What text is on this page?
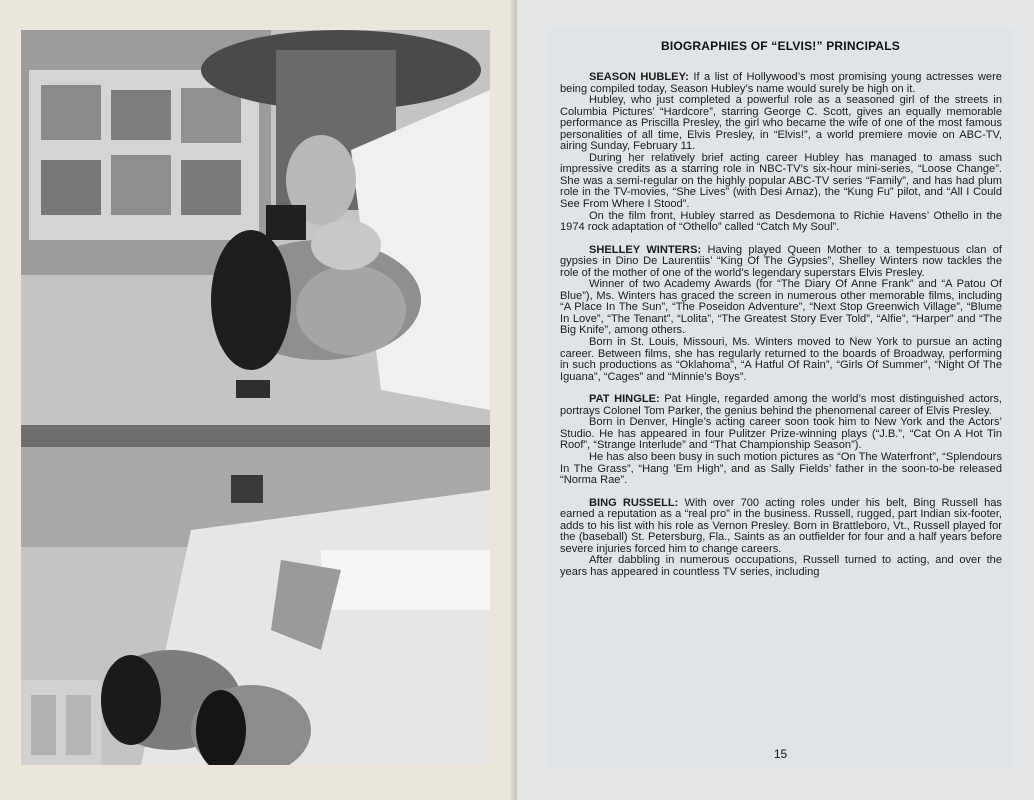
BIOGRAPHIES OF “ELVIS!” PRINCIPALS

SEASON HUBLEY: If a list of Hollywood’s most promising young actresses were being compiled today, Season Hubley’s name would surely be high on it.

Hubley, who just completed a powerful role as a seasoned girl of the streets in Columbia Pictures’ “Hardcore”, starring George C. Scott, gives an equally memorable performance as Priscilla Presley, the girl who became the wife of one of the most famous personalities of all time, Elvis Presley, in “Elvis!”, a world premiere movie on ABC-TV, airing Sunday, February 11.

During her relatively brief acting career Hubley has managed to amass such impressive credits as a starring role in NBC-TV’s six-hour mini-series, “Loose Change”. She was a semi-regular on the highly popular ABC-TV series “Family”, and has had plum role in the TV-movies, “She Lives” (with Desi Arnaz), the “Kung Fu” pilot, and “All I Could See From Where I Stood”.

On the film front, Hubley starred as Desdemona to Richie Havens’ Othello in the 1974 rock adaptation of “Othello” called “Catch My Soul”.

SHELLEY WINTERS: Having played Queen Mother to a tempestuous clan of gypsies in Dino De Laurentiis’ “King Of The Gypsies”, Shelley Winters now tackles the role of the mother of one of the world’s legendary superstars Elvis Presley.

Winner of two Academy Awards (for “The Diary Of Anne Frank” and “A Patou Of Blue”), Ms. Winters has graced the screen in numerous other memorable films, including “A Place In The Sun”, “The Poseidon Adventure”, “Next Stop Greenwich Village”, “Blume In Love”, “The Tenant”, “Lolita”, “The Greatest Story Ever Told”, “Alfie”, “Harper” and “The Big Knife”, among others.

Born in St. Louis, Missouri, Ms. Winters moved to New York to pursue an acting career. Between films, she has regularly returned to the boards of Broadway, performing in such productions as “Oklahoma”, “A Hatful Of Rain”, “Girls Of Summer”, “Night Of The Iguana”, “Cages” and “Minnie’s Boys”.

PAT HINGLE: Pat Hingle, regarded among the world’s most distinguished actors, portrays Colonel Tom Parker, the genius behind the phenomenal career of Elvis Presley.

Born in Denver, Hingle’s acting career soon took him to New York and the Actors’ Studio. He has appeared in four Pulitzer Prize-winning plays (“J.B.”, “Cat On A Hot Tin Roof”, “Strange Interlude” and “That Championship Season”).

He has also been busy in such motion pictures as “On The Waterfront”, “Splendours In The Grass”, “Hang ’Em High”, and as Sally Fields’ father in the soon-to-be released “Norma Rae”.

BING RUSSELL: With over 700 acting roles under his belt, Bing Russell has earned a reputation as a “real pro” in the business. Russell, rugged, part Indian six-footer, adds to his list with his role as Vernon Presley. Born in Brattleboro, Vt., Russell played for the (baseball) St. Petersburg, Fla., Saints as an outfielder for four and a half years before severe injuries forced him to change careers.

After dabbling in numerous occupations, Russell turned to acting, and over the years has appeared in countless TV series, including

15
